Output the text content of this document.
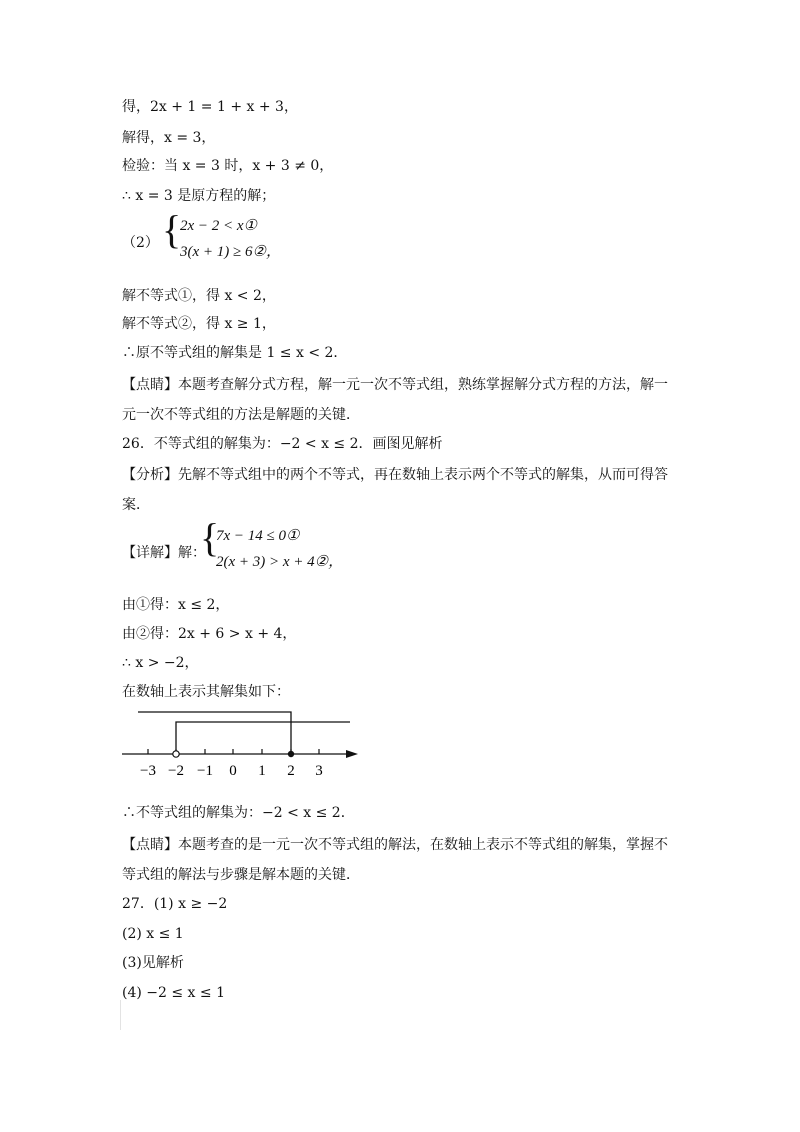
得，2x + 1 = 1 + x + 3，
解得，x = 3，
检验：当 x = 3 时，x + 3 ≠ 0，
∴ x = 3 是原方程的解；
（2） {
2x − 2 < x①
3(x + 1) ≥ 6②，
解不等式①，得 x < 2，
解不等式②，得 x ≥ 1，
∴原不等式组的解集是 1 ≤ x < 2．
【点睛】本题考查解分式方程，解一元一次不等式组，熟练掌握解分式方程的方法，解一元一次不等式组的方法是解题的关键．
26．不等式组的解集为：−2 < x ≤ 2．画图见解析
【分析】先解不等式组中的两个不等式，再在数轴上表示两个不等式的解集，从而可得答案．
【详解】解：
{
7x − 14 ≤ 0①
2(x + 3) > x + 4②，
由①得：x ≤ 2，
由②得：2x + 6 > x + 4，
∴ x > −2，
在数轴上表示其解集如下：
−3 −2 −1 0 1 2 3
∴不等式组的解集为：−2 < x ≤ 2．
【点睛】本题考查的是一元一次不等式组的解法，在数轴上表示不等式组的解集，掌握不等式组的解法与步骤是解本题的关键．
27．(1) x ≥ −2
(2) x ≤ 1
(3)见解析
(4) −2 ≤ x ≤ 1
